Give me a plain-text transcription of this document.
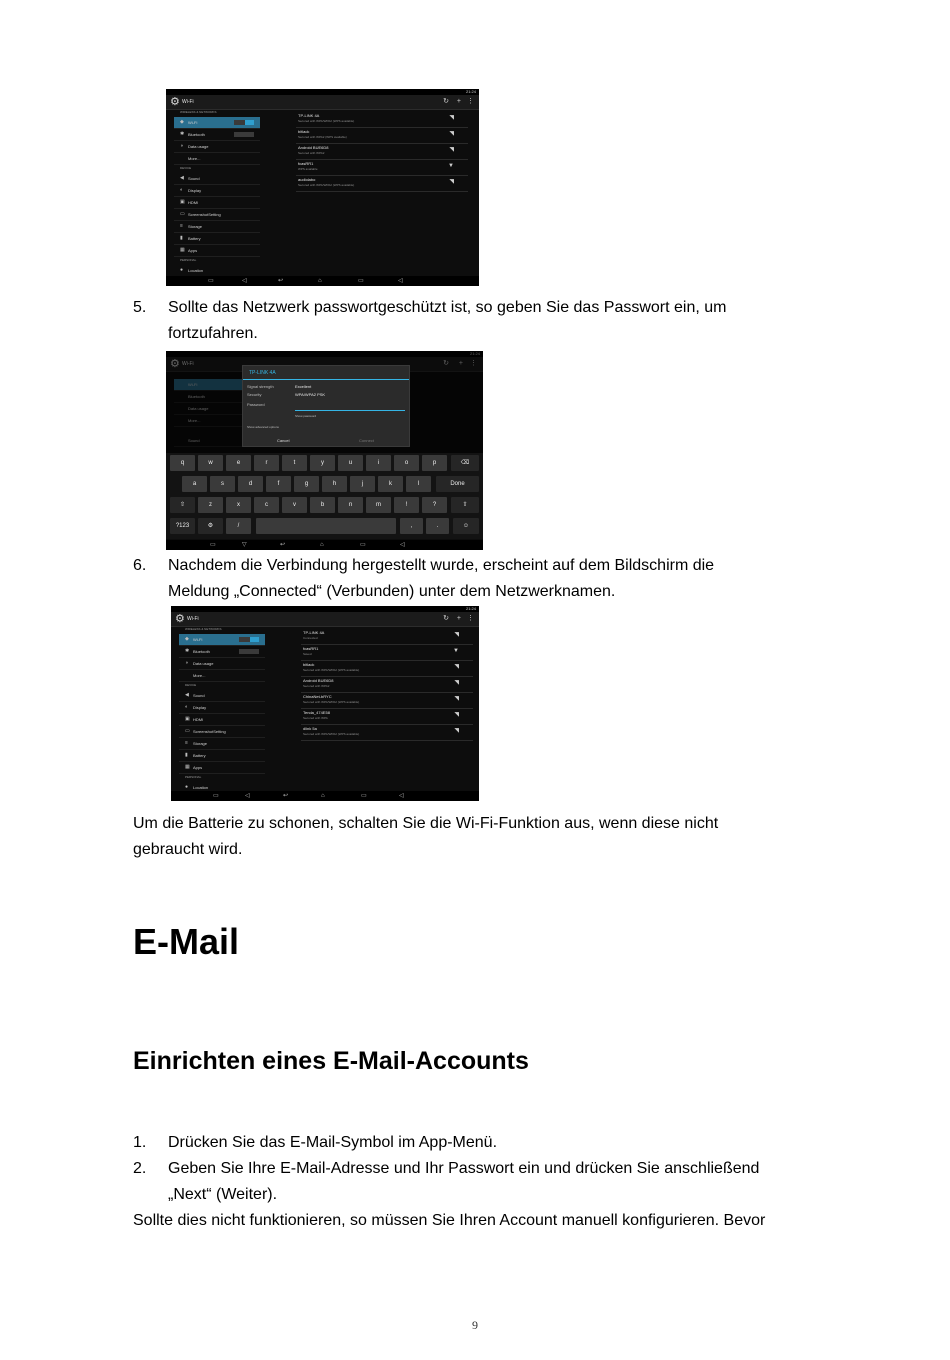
21:24
⚙ Wi-Fi	↻ + ⋮
WIRELESS & NETWORKS
◆ Wi-Fi
✱ Bluetooth
◑ Data usage
More...
DEVICE
◀ Sound
◐ Display
▣ HDMI
▭ ScreenshotSetting
≡ Storage
▮ Battery
▦ Apps
PERSONAL
● Location
TP-LINK 4A
Secured with WPA/WPA2 (WPS available)	◥
bitlack
Secured with WPA2 (WPS available)	◥
Android BUE6D8
Secured with WPA2	◥
fcasRR1
WPS available	▼
audiolabo
Secured with WPA/WPA2 (WPS available)	◥
▭	◁	↩	⌂	▭	◁
5. Sollte das Netzwerk passwortgeschützt ist, so geben Sie das Passwort ein, um
fortzufahren.
TP-LINK 4A
Signal strength	Excellent
Security	WPA/WPA2 PSK
Password
Show password
Show advanced options
Cancel	Connect
q	w	e	r	t	y	u	i	o	p	⌫
a	s	d	f	g	h	j	k	l	Done
⇧	z	x	c	v	b	n	m	!	?	⇧
?123	⚙	/	,	.	☺
▭	▽	↩	⌂	▭	◁
6. Nachdem die Verbindung hergestellt wurde, erscheint auf dem Bildschirm die
Meldung „Connected“ (Verbunden) unter dem Netzwerknamen.
21:24
⚙ Wi-Fi	↻ + ⋮
WIRELESS & NETWORKS
◆ Wi-Fi
✱ Bluetooth
◑ Data usage
More...
DEVICE
◀ Sound
◐ Display
▣ HDMI
▭ ScreenshotSetting
≡ Storage
▮ Battery
▦ Apps
PERSONAL
● Location
TP-LINK 4A
Connected	◥
fcasRR1
Saved	▼
bitlack
Secured with WPA/WPA2 (WPS available)	◥
Android BUE6D8
Secured with WPA2	◥
ChinaNet-bRYC
Secured with WPA/WPA2 (WPS available)	◥
Tenda_474E58
Secured with WPA	◥
dlink 5a
Secured with WPA/WPA2 (WPS available)	◥
▭	◁	↩	⌂	▭	◁
Um die Batterie zu schonen, schalten Sie die Wi-Fi-Funktion aus, wenn diese nicht
gebraucht wird.
E-Mail
Einrichten eines E-Mail-Accounts
1. Drücken Sie das E-Mail-Symbol im App-Menü.
2. Geben Sie Ihre E-Mail-Adresse und Ihr Passwort ein und drücken Sie anschließend
„Next“ (Weiter).
Sollte dies nicht funktionieren, so müssen Sie Ihren Account manuell konfigurieren. Bevor
9
